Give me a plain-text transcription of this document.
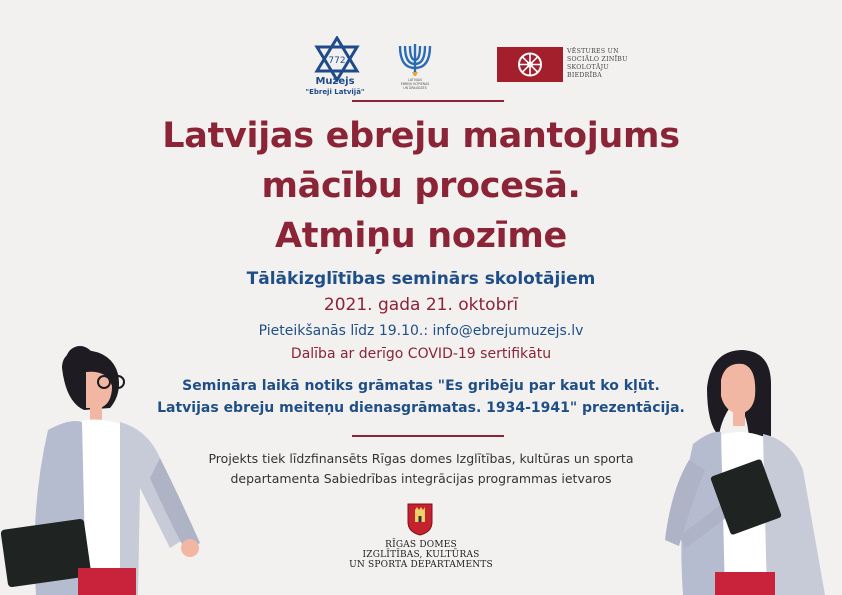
772
Muzejs
"Ebreji Latvijā"
LATVIJAS
EBREJU KOPIENAS
UN DRAUDZES
VĒSTURES UN
SOCIĀLO ZINĪBU
SKOLOTĀJU
BIEDRĪBA
Latvijas ebreju mantojums
mācību procesā.
Atmiņu nozīme
Tālākizglītības seminārs skolotājiem
2021. gada 21. oktobrī
Pieteikšanās līdz 19.10.: info@ebrejumuzejs.lv
Dalība ar derīgo COVID-19 sertifikātu
Semināra laikā notiks grāmatas "Es gribēju par kaut ko kļūt.
Latvijas ebreju meiteņu dienasgrāmatas. 1934-1941" prezentācija.
Projekts tiek līdzfinansēts Rīgas domes Izglītības, kultūras un sporta
departamenta Sabiedrības integrācijas programmas ietvaros
RĪGAS DOMES
IZGLĪTĪBAS, KULTŪRAS
UN SPORTA DEPARTAMENTS
